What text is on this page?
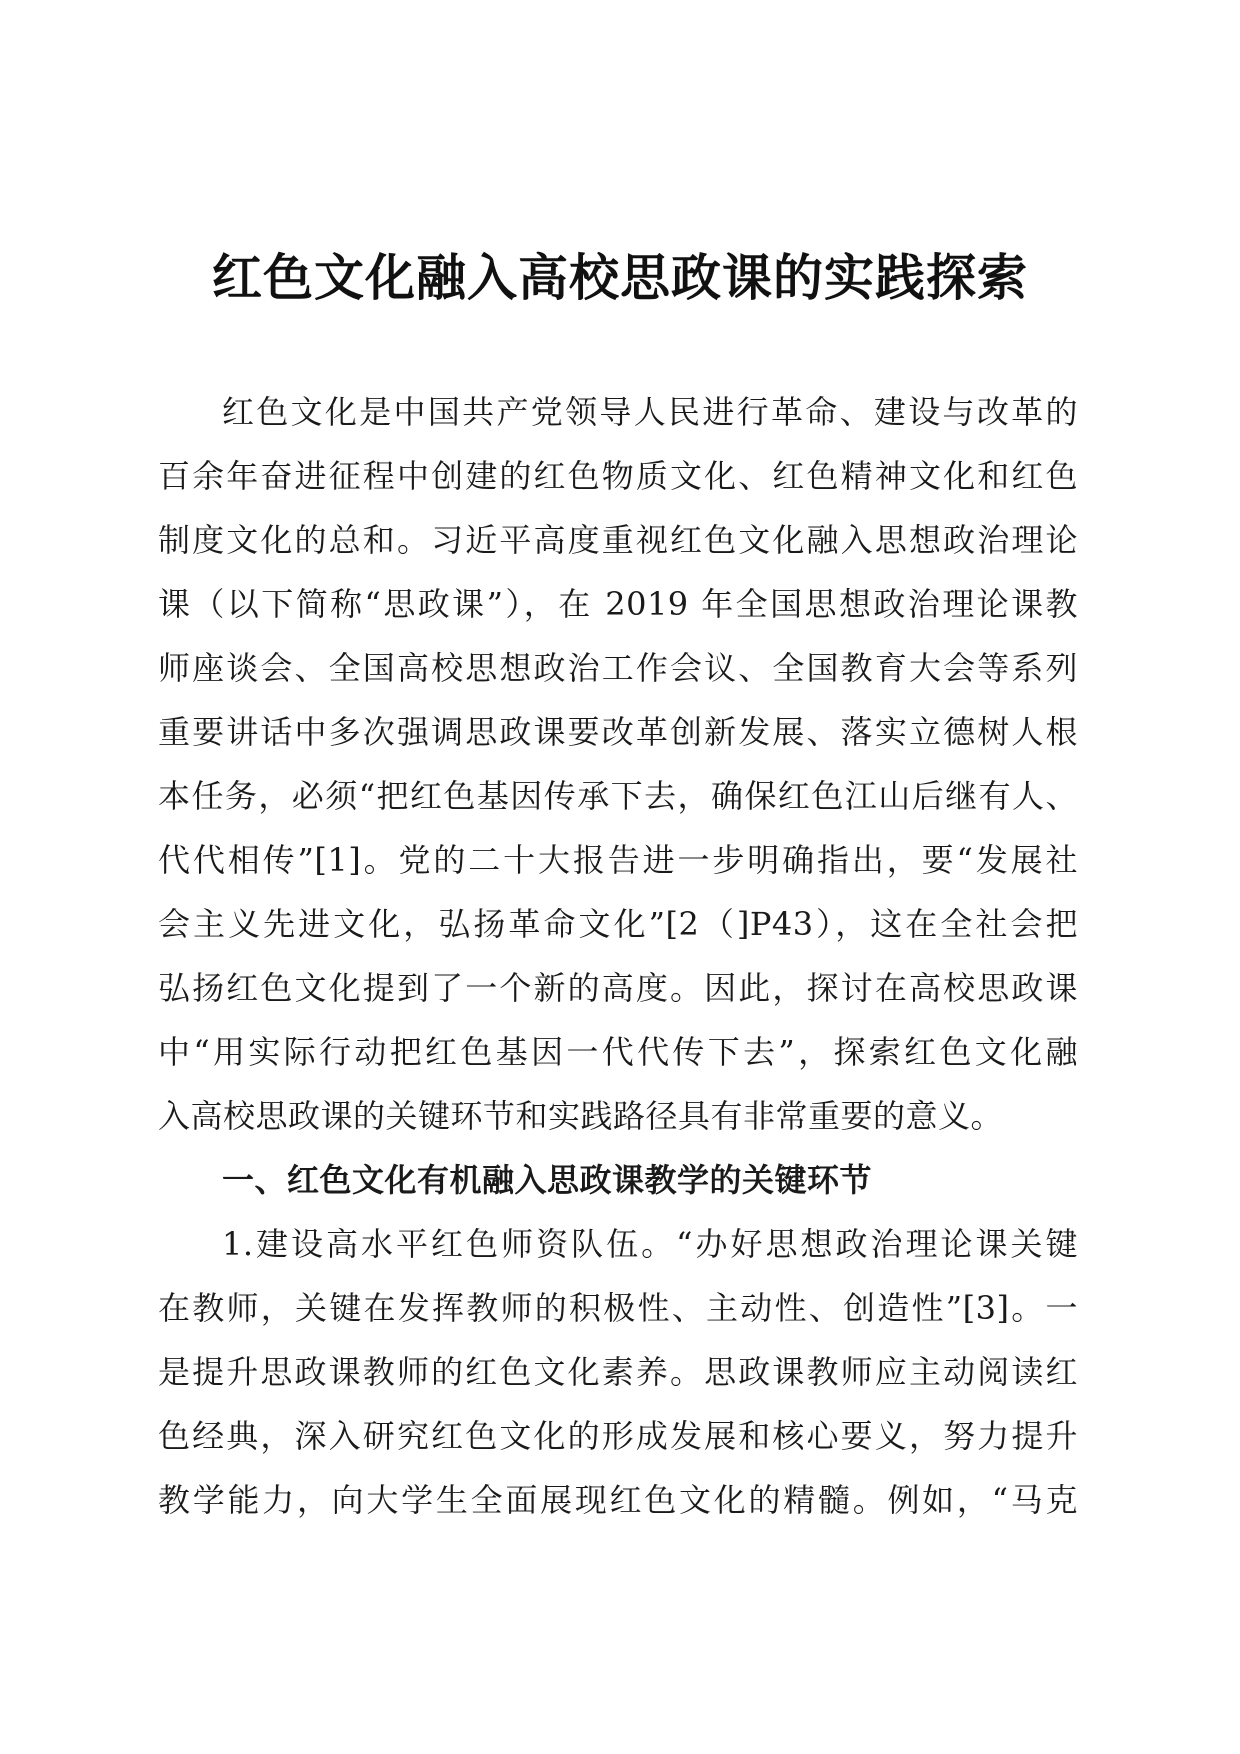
红色文化融入高校思政课的实践探索
红色文化是中国共产党领导人民进行革命、建设与改革的
百余年奋进征程中创建的红色物质文化、红色精神文化和红色
制度文化的总和。习近平高度重视红色文化融入思想政治理论
课（以下简称“思政课”），在 2019 年全国思想政治理论课教
师座谈会、全国高校思想政治工作会议、全国教育大会等系列
重要讲话中多次强调思政课要改革创新发展、落实立德树人根
本任务，必须“把红色基因传承下去，确保红色江山后继有人、
代代相传”[1]。党的二十大报告进一步明确指出，要“发展社
会主义先进文化，弘扬革命文化”[2（]P43），这在全社会把
弘扬红色文化提到了一个新的高度。因此，探讨在高校思政课
中“用实际行动把红色基因一代代传下去”，探索红色文化融
入高校思政课的关键环节和实践路径具有非常重要的意义。
一、红色文化有机融入思政课教学的关键环节
1.建设高水平红色师资队伍。“办好思想政治理论课关键
在教师，关键在发挥教师的积极性、主动性、创造性”[3]。一
是提升思政课教师的红色文化素养。思政课教师应主动阅读红
色经典，深入研究红色文化的形成发展和核心要义，努力提升
教学能力，向大学生全面展现红色文化的精髓。例如，“马克
